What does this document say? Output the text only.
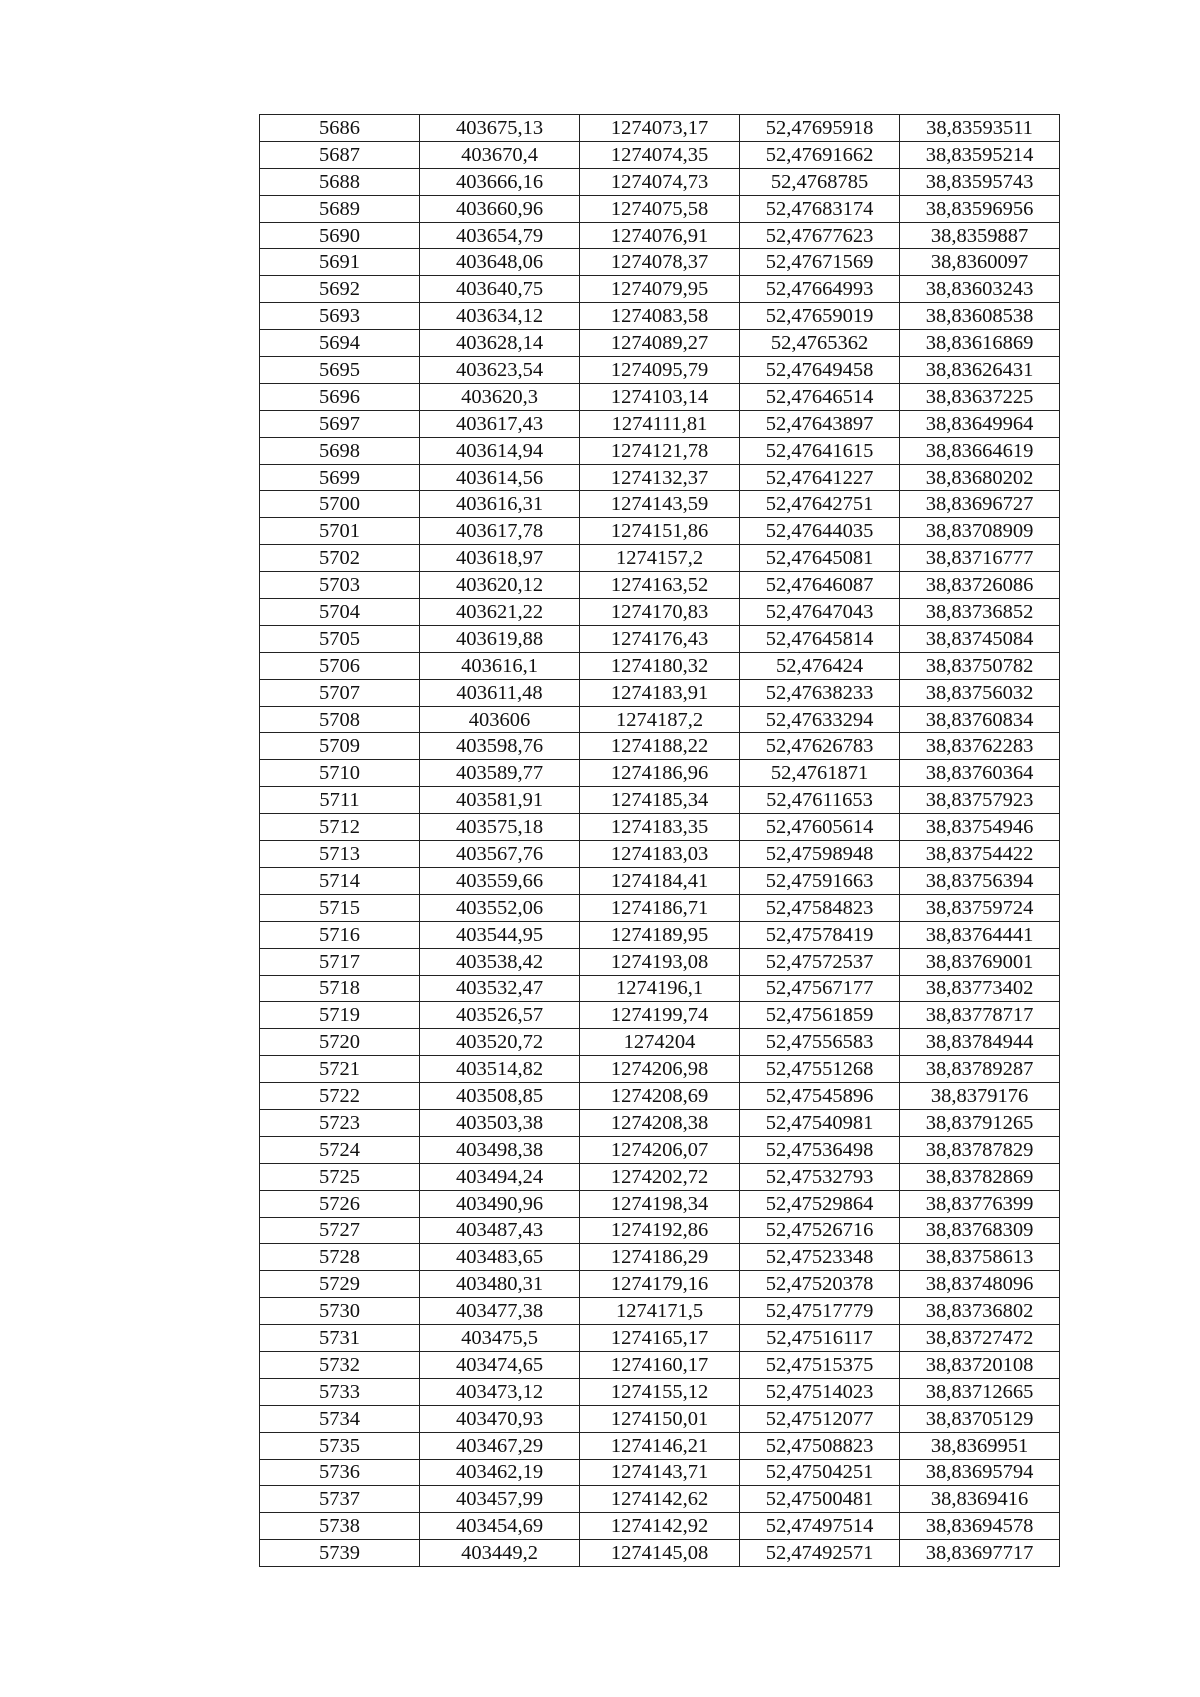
5686	403675,13	1274073,17	52,47695918	38,83593511
5687	403670,4	1274074,35	52,47691662	38,83595214
5688	403666,16	1274074,73	52,4768785	38,83595743
5689	403660,96	1274075,58	52,47683174	38,83596956
5690	403654,79	1274076,91	52,47677623	38,8359887
5691	403648,06	1274078,37	52,47671569	38,8360097
5692	403640,75	1274079,95	52,47664993	38,83603243
5693	403634,12	1274083,58	52,47659019	38,83608538
5694	403628,14	1274089,27	52,4765362	38,83616869
5695	403623,54	1274095,79	52,47649458	38,83626431
5696	403620,3	1274103,14	52,47646514	38,83637225
5697	403617,43	1274111,81	52,47643897	38,83649964
5698	403614,94	1274121,78	52,47641615	38,83664619
5699	403614,56	1274132,37	52,47641227	38,83680202
5700	403616,31	1274143,59	52,47642751	38,83696727
5701	403617,78	1274151,86	52,47644035	38,83708909
5702	403618,97	1274157,2	52,47645081	38,83716777
5703	403620,12	1274163,52	52,47646087	38,83726086
5704	403621,22	1274170,83	52,47647043	38,83736852
5705	403619,88	1274176,43	52,47645814	38,83745084
5706	403616,1	1274180,32	52,476424	38,83750782
5707	403611,48	1274183,91	52,47638233	38,83756032
5708	403606	1274187,2	52,47633294	38,83760834
5709	403598,76	1274188,22	52,47626783	38,83762283
5710	403589,77	1274186,96	52,4761871	38,83760364
5711	403581,91	1274185,34	52,47611653	38,83757923
5712	403575,18	1274183,35	52,47605614	38,83754946
5713	403567,76	1274183,03	52,47598948	38,83754422
5714	403559,66	1274184,41	52,47591663	38,83756394
5715	403552,06	1274186,71	52,47584823	38,83759724
5716	403544,95	1274189,95	52,47578419	38,83764441
5717	403538,42	1274193,08	52,47572537	38,83769001
5718	403532,47	1274196,1	52,47567177	38,83773402
5719	403526,57	1274199,74	52,47561859	38,83778717
5720	403520,72	1274204	52,47556583	38,83784944
5721	403514,82	1274206,98	52,47551268	38,83789287
5722	403508,85	1274208,69	52,47545896	38,8379176
5723	403503,38	1274208,38	52,47540981	38,83791265
5724	403498,38	1274206,07	52,47536498	38,83787829
5725	403494,24	1274202,72	52,47532793	38,83782869
5726	403490,96	1274198,34	52,47529864	38,83776399
5727	403487,43	1274192,86	52,47526716	38,83768309
5728	403483,65	1274186,29	52,47523348	38,83758613
5729	403480,31	1274179,16	52,47520378	38,83748096
5730	403477,38	1274171,5	52,47517779	38,83736802
5731	403475,5	1274165,17	52,47516117	38,83727472
5732	403474,65	1274160,17	52,47515375	38,83720108
5733	403473,12	1274155,12	52,47514023	38,83712665
5734	403470,93	1274150,01	52,47512077	38,83705129
5735	403467,29	1274146,21	52,47508823	38,8369951
5736	403462,19	1274143,71	52,47504251	38,83695794
5737	403457,99	1274142,62	52,47500481	38,8369416
5738	403454,69	1274142,92	52,47497514	38,83694578
5739	403449,2	1274145,08	52,47492571	38,83697717
